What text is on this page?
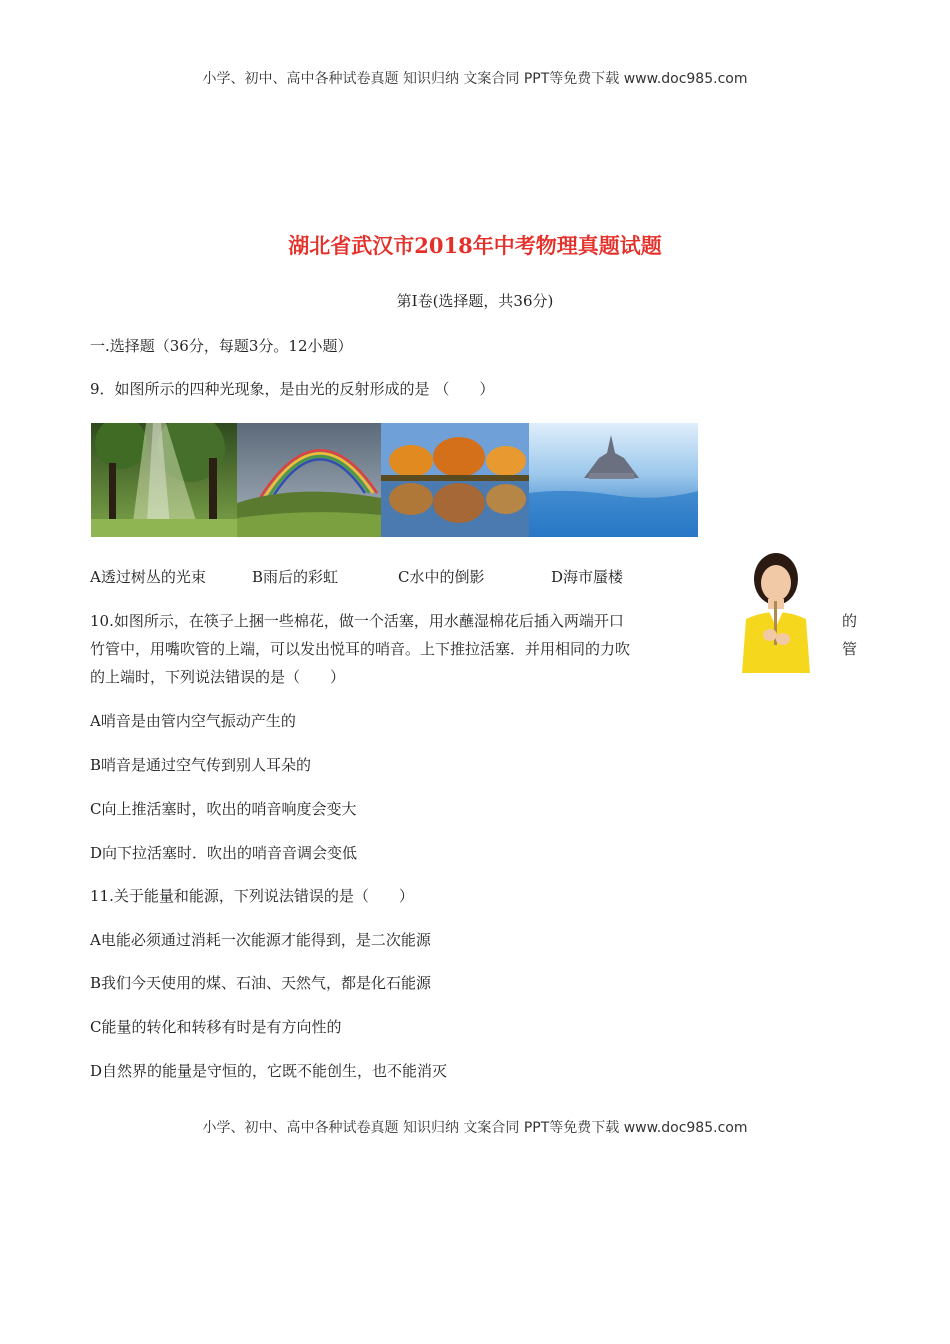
小学、初中、高中各种试卷真题 知识归纳 文案合同 PPT等免费下载 www.doc985.com
湖北省武汉市2018年中考物理真题试题
第Ⅰ卷(选择题，共36分)
一.选择题（36分，每题3分。12小题）
9．如图所示的四种光现象，是由光的反射形成的是 （　　）
A透过树丛的光束	B雨后的彩虹	C水中的倒影	D海市蜃楼
10.如图所示，在筷子上捆一些棉花，做一个活塞，用水蘸湿棉花后插入两端开口	的
竹管中，用嘴吹管的上端，可以发出悦耳的哨音。上下推拉活塞．并用相同的力吹	管
的上端时，下列说法错误的是（　　）
A哨音是由管内空气振动产生的
B哨音是通过空气传到别人耳朵的
C向上推活塞时，吹出的哨音响度会变大
D向下拉活塞时．吹出的哨音音调会变低
11.关于能量和能源，下列说法错误的是（　　）
A电能必须通过消耗一次能源才能得到，是二次能源
B我们今天使用的煤、石油、天然气，都是化石能源
C能量的转化和转移有时是有方向性的
D自然界的能量是守恒的，它既不能创生，也不能消灭
小学、初中、高中各种试卷真题 知识归纳 文案合同 PPT等免费下载 www.doc985.com
